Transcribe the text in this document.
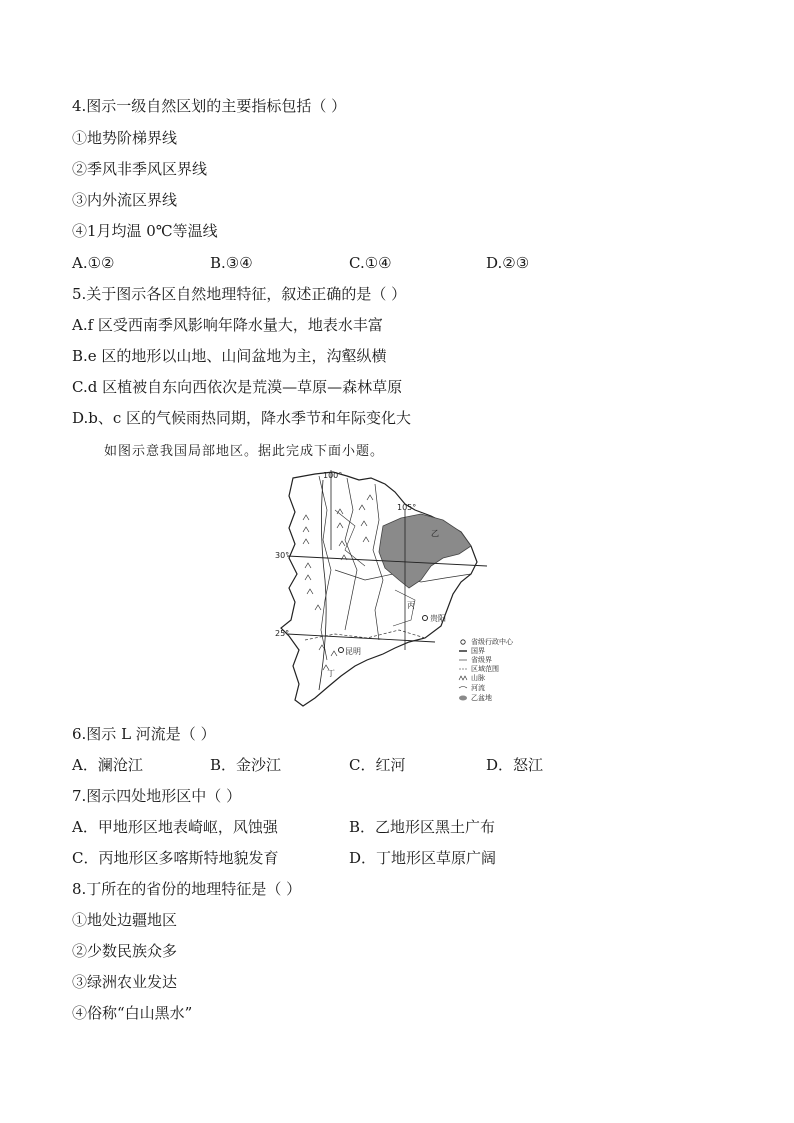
4.图示一级自然区划的主要指标包括（ ）
①地势阶梯界线
②季风非季风区界线
③内外流区界线
④1月均温 0℃等温线
A.①②	B.③④	C.①④	D.②③
5.关于图示各区自然地理特征，叙述正确的是（ ）
A.f 区受西南季风影响年降水量大，地表水丰富
B.e 区的地形以山地、山间盆地为主，沟壑纵横
C.d 区植被自东向西依次是荒漠—草原—森林草原
D.b、c 区的气候雨热同期，降水季节和年际变化大
如图示意我国局部地区。据此完成下面小题。
贵阳
昆明
100°
105°
30°
25°
乙
丙
丁
省级行政中心
国界
省级界
区域范围
山脉
河流
乙盆地
6.图示 L 河流是（ ）
A．澜沧江	B．金沙江	C．红河	D．怒江
7.图示四处地形区中（ ）
A．甲地形区地表崎岖，风蚀强	B．乙地形区黑土广布
C．丙地形区多喀斯特地貌发育	D．丁地形区草原广阔
8.丁所在的省份的地理特征是（ ）
①地处边疆地区
②少数民族众多
③绿洲农业发达
④俗称“白山黑水”
